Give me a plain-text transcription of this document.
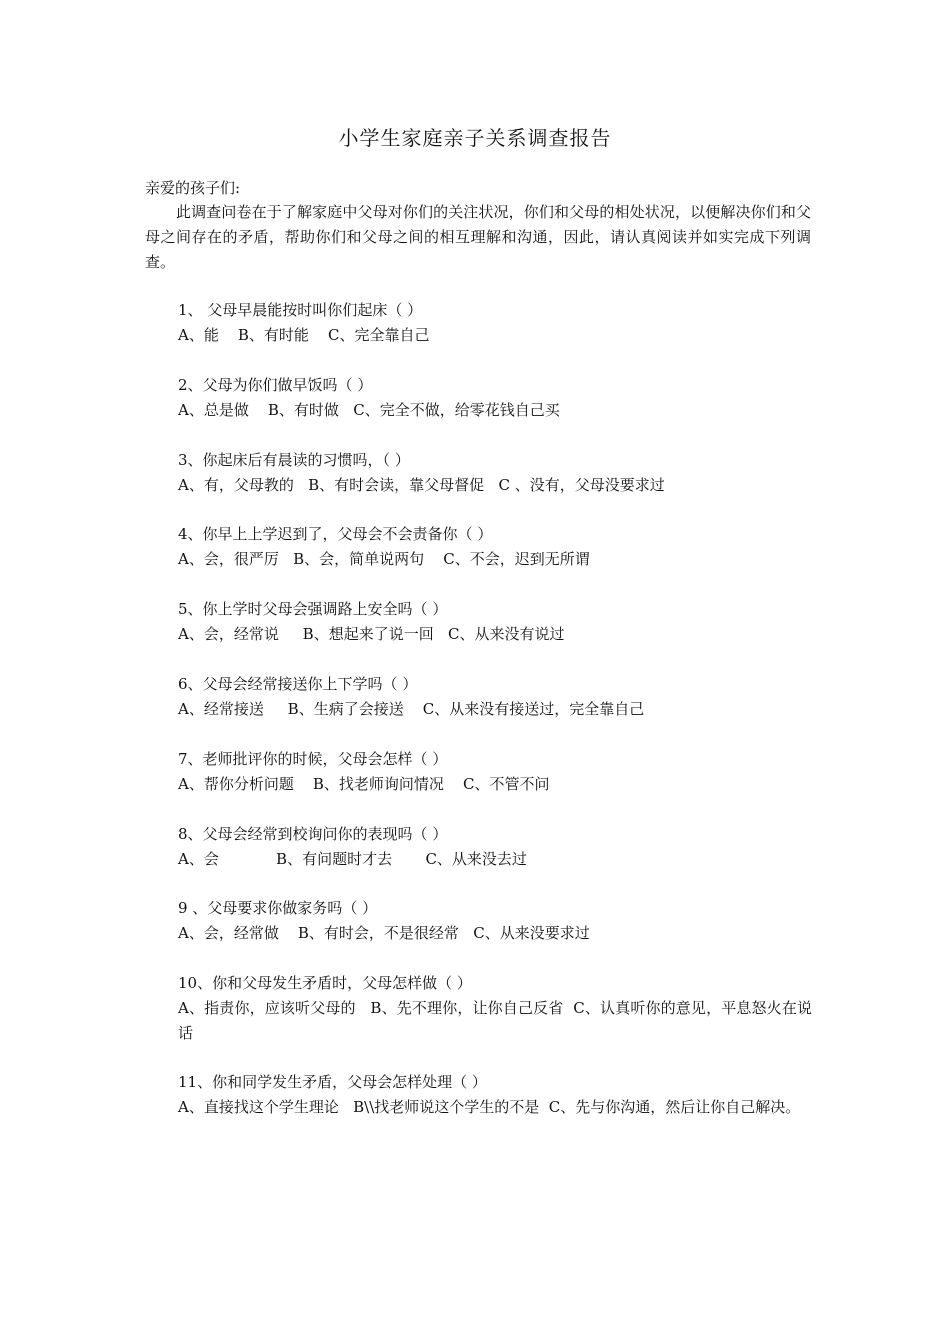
小学生家庭亲子关系调查报告
亲爱的孩子们:

此调查问卷在于了解家庭中父母对你们的关注状况，你们和父母的相处状况，以便解决你们和父母之间存在的矛盾，帮助你们和父母之间的相互理解和沟通，因此，请认真阅读并如实完成下列调查。

1、 父母早晨能按时叫你们起床（ ）
A、能    B、有时能    C、完全靠自己
2、父母为你们做早饭吗（ ）
A、总是做    B、有时做   C、完全不做，给零花钱自己买
3、你起床后有晨读的习惯吗，（ ）
A、有，父母教的   B、有时会读，靠父母督促   C 、没有，父母没要求过
4、你早上上学迟到了，父母会不会责备你（ ）
A、会，很严厉   B、会，简单说两句    C、不会，迟到无所谓
5、你上学时父母会强调路上安全吗（ ）
A、会，经常说     B、想起来了说一回   C、从来没有说过
6、父母会经常接送你上下学吗（ ）
A、经常接送     B、生病了会接送    C、从来没有接送过，完全靠自己
7、老师批评你的时候，父母会怎样（ ）
A、帮你分析问题    B、找老师询问情况    C、不管不问
8、父母会经常到校询问你的表现吗（ ）
A、会            B、有问题时才去       C、从来没去过
9 、父母要求你做家务吗（ ）
A、会，经常做    B、有时会，不是很经常   C、从来没要求过
10、你和父母发生矛盾时，父母怎样做（ ）
A、指责你，应该听父母的   B、先不理你，让你自己反省  C、认真听你的意见，平息怒火在说话
11、你和同学发生矛盾，父母会怎样处理（ ）
A、直接找这个学生理论   B\\找老师说这个学生的不是  C、先与你沟通，然后让你自己解决。
